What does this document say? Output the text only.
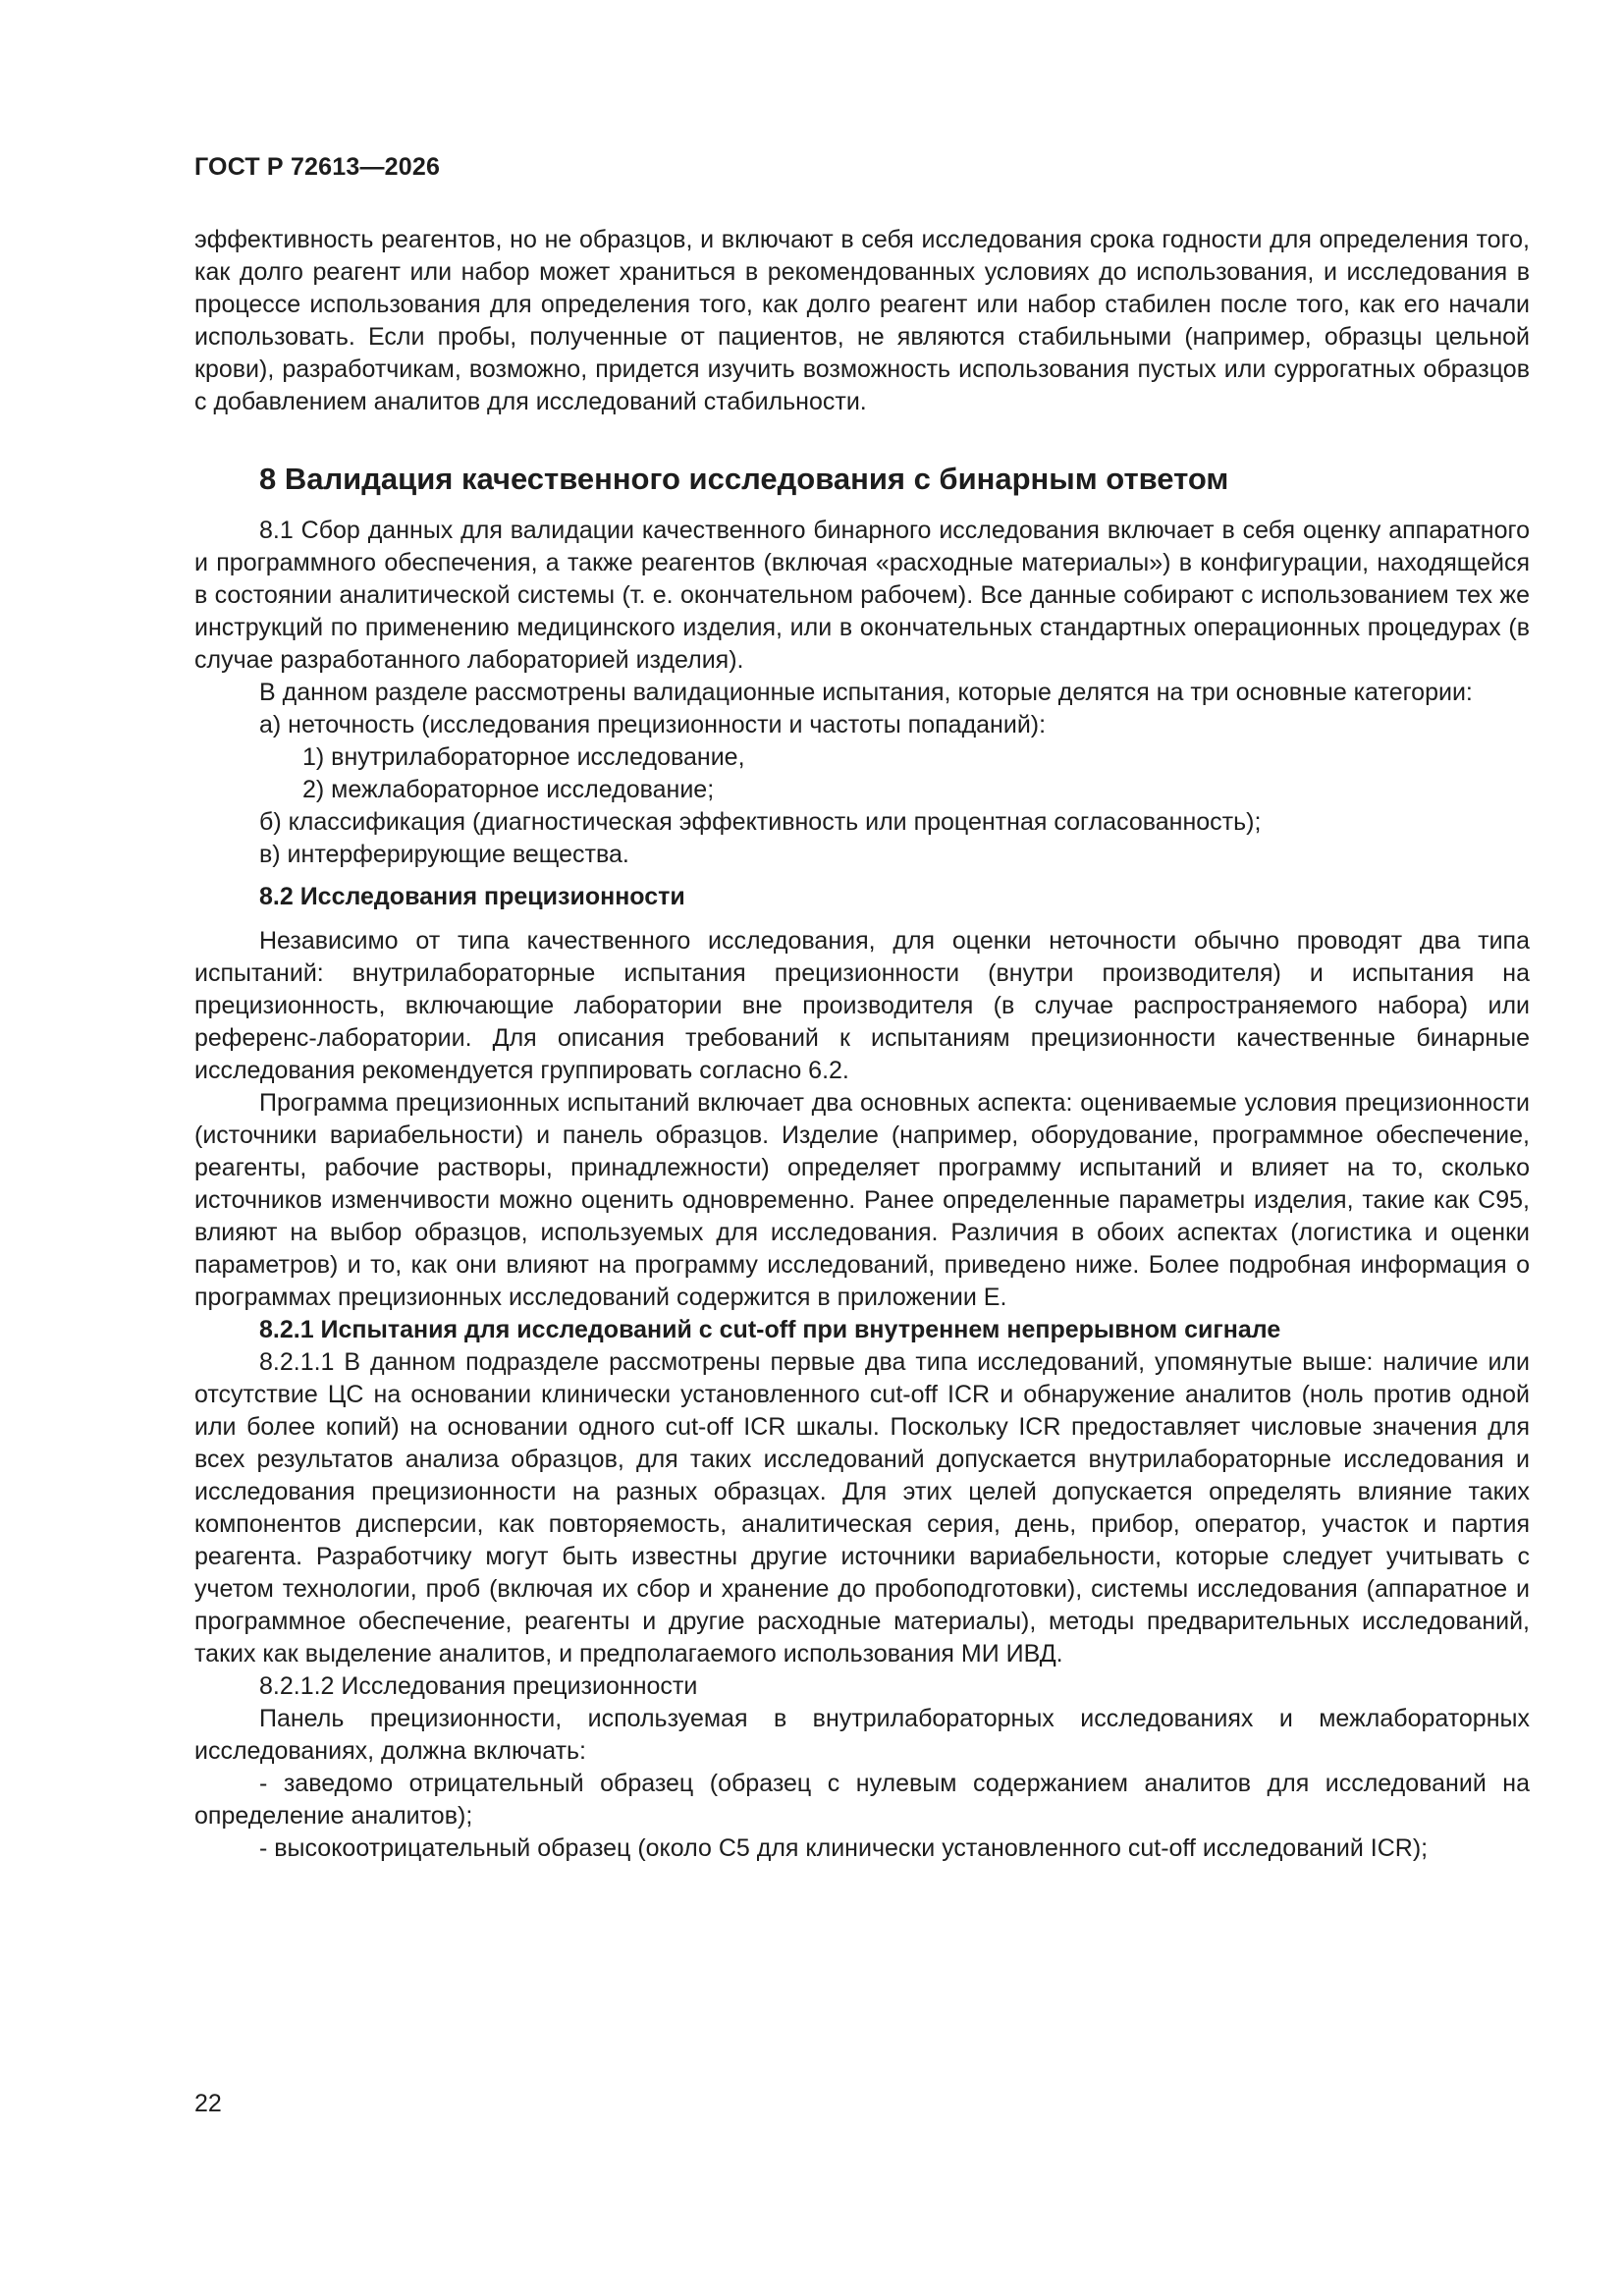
ГОСТ Р 72613—2026

эффективность реагентов, но не образцов, и включают в себя исследования срока годности для определения того, как долго реагент или набор может храниться в рекомендованных условиях до использования, и исследования в процессе использования для определения того, как долго реагент или набор стабилен после того, как его начали использовать. Если пробы, полученные от пациентов, не являются стабильными (например, образцы цельной крови), разработчикам, возможно, придется изучить возможность использования пустых или суррогатных образцов с добавлением аналитов для исследований стабильности.

8 Валидация качественного исследования с бинарным ответом

8.1 Сбор данных для валидации качественного бинарного исследования включает в себя оценку аппаратного и программного обеспечения, а также реагентов (включая «расходные материалы») в конфигурации, находящейся в состоянии аналитической системы (т. е. окончательном рабочем). Все данные собирают с использованием тех же инструкций по применению медицинского изделия, или в окончательных стандартных операционных процедурах (в случае разработанного лабораторией изделия).

В данном разделе рассмотрены валидационные испытания, которые делятся на три основные категории:

а) неточность (исследования прецизионности и частоты попаданий):

1) внутрилабораторное исследование,

2) межлабораторное исследование;

б) классификация (диагностическая эффективность или процентная согласованность);

в) интерферирующие вещества.

8.2 Исследования прецизионности

Независимо от типа качественного исследования, для оценки неточности обычно проводят два типа испытаний: внутрилабораторные испытания прецизионности (внутри производителя) и испытания на прецизионность, включающие лаборатории вне производителя (в случае распространяемого набора) или референс-лаборатории. Для описания требований к испытаниям прецизионности качественные бинарные исследования рекомендуется группировать согласно 6.2.

Программа прецизионных испытаний включает два основных аспекта: оцениваемые условия прецизионности (источники вариабельности) и панель образцов. Изделие (например, оборудование, программное обеспечение, реагенты, рабочие растворы, принадлежности) определяет программу испытаний и влияет на то, сколько источников изменчивости можно оценить одновременно. Ранее определенные параметры изделия, такие как C95, влияют на выбор образцов, используемых для исследования. Различия в обоих аспектах (логистика и оценки параметров) и то, как они влияют на программу исследований, приведено ниже. Более подробная информация о программах прецизионных исследований содержится в приложении Е.

8.2.1 Испытания для исследований с cut-off при внутреннем непрерывном сигнале

8.2.1.1 В данном подразделе рассмотрены первые два типа исследований, упомянутые выше: наличие или отсутствие ЦС на основании клинически установленного cut-off ICR и обнаружение аналитов (ноль против одной или более копий) на основании одного cut-off ICR шкалы. Поскольку ICR предоставляет числовые значения для всех результатов анализа образцов, для таких исследований допускается внутрилабораторные исследования и исследования прецизионности на разных образцах. Для этих целей допускается определять влияние таких компонентов дисперсии, как повторяемость, аналитическая серия, день, прибор, оператор, участок и партия реагента. Разработчику могут быть известны другие источники вариабельности, которые следует учитывать с учетом технологии, проб (включая их сбор и хранение до пробоподготовки), системы исследования (аппаратное и программное обеспечение, реагенты и другие расходные материалы), методы предварительных исследований, таких как выделение аналитов, и предполагаемого использования МИ ИВД.

8.2.1.2 Исследования прецизионности

Панель прецизионности, используемая в внутрилабораторных исследованиях и межлабораторных исследованиях, должна включать:

- заведомо отрицательный образец (образец с нулевым содержанием аналитов для исследований на определение аналитов);

- высокоотрицательный образец (около C5 для клинически установленного cut-off исследований ICR);

22
